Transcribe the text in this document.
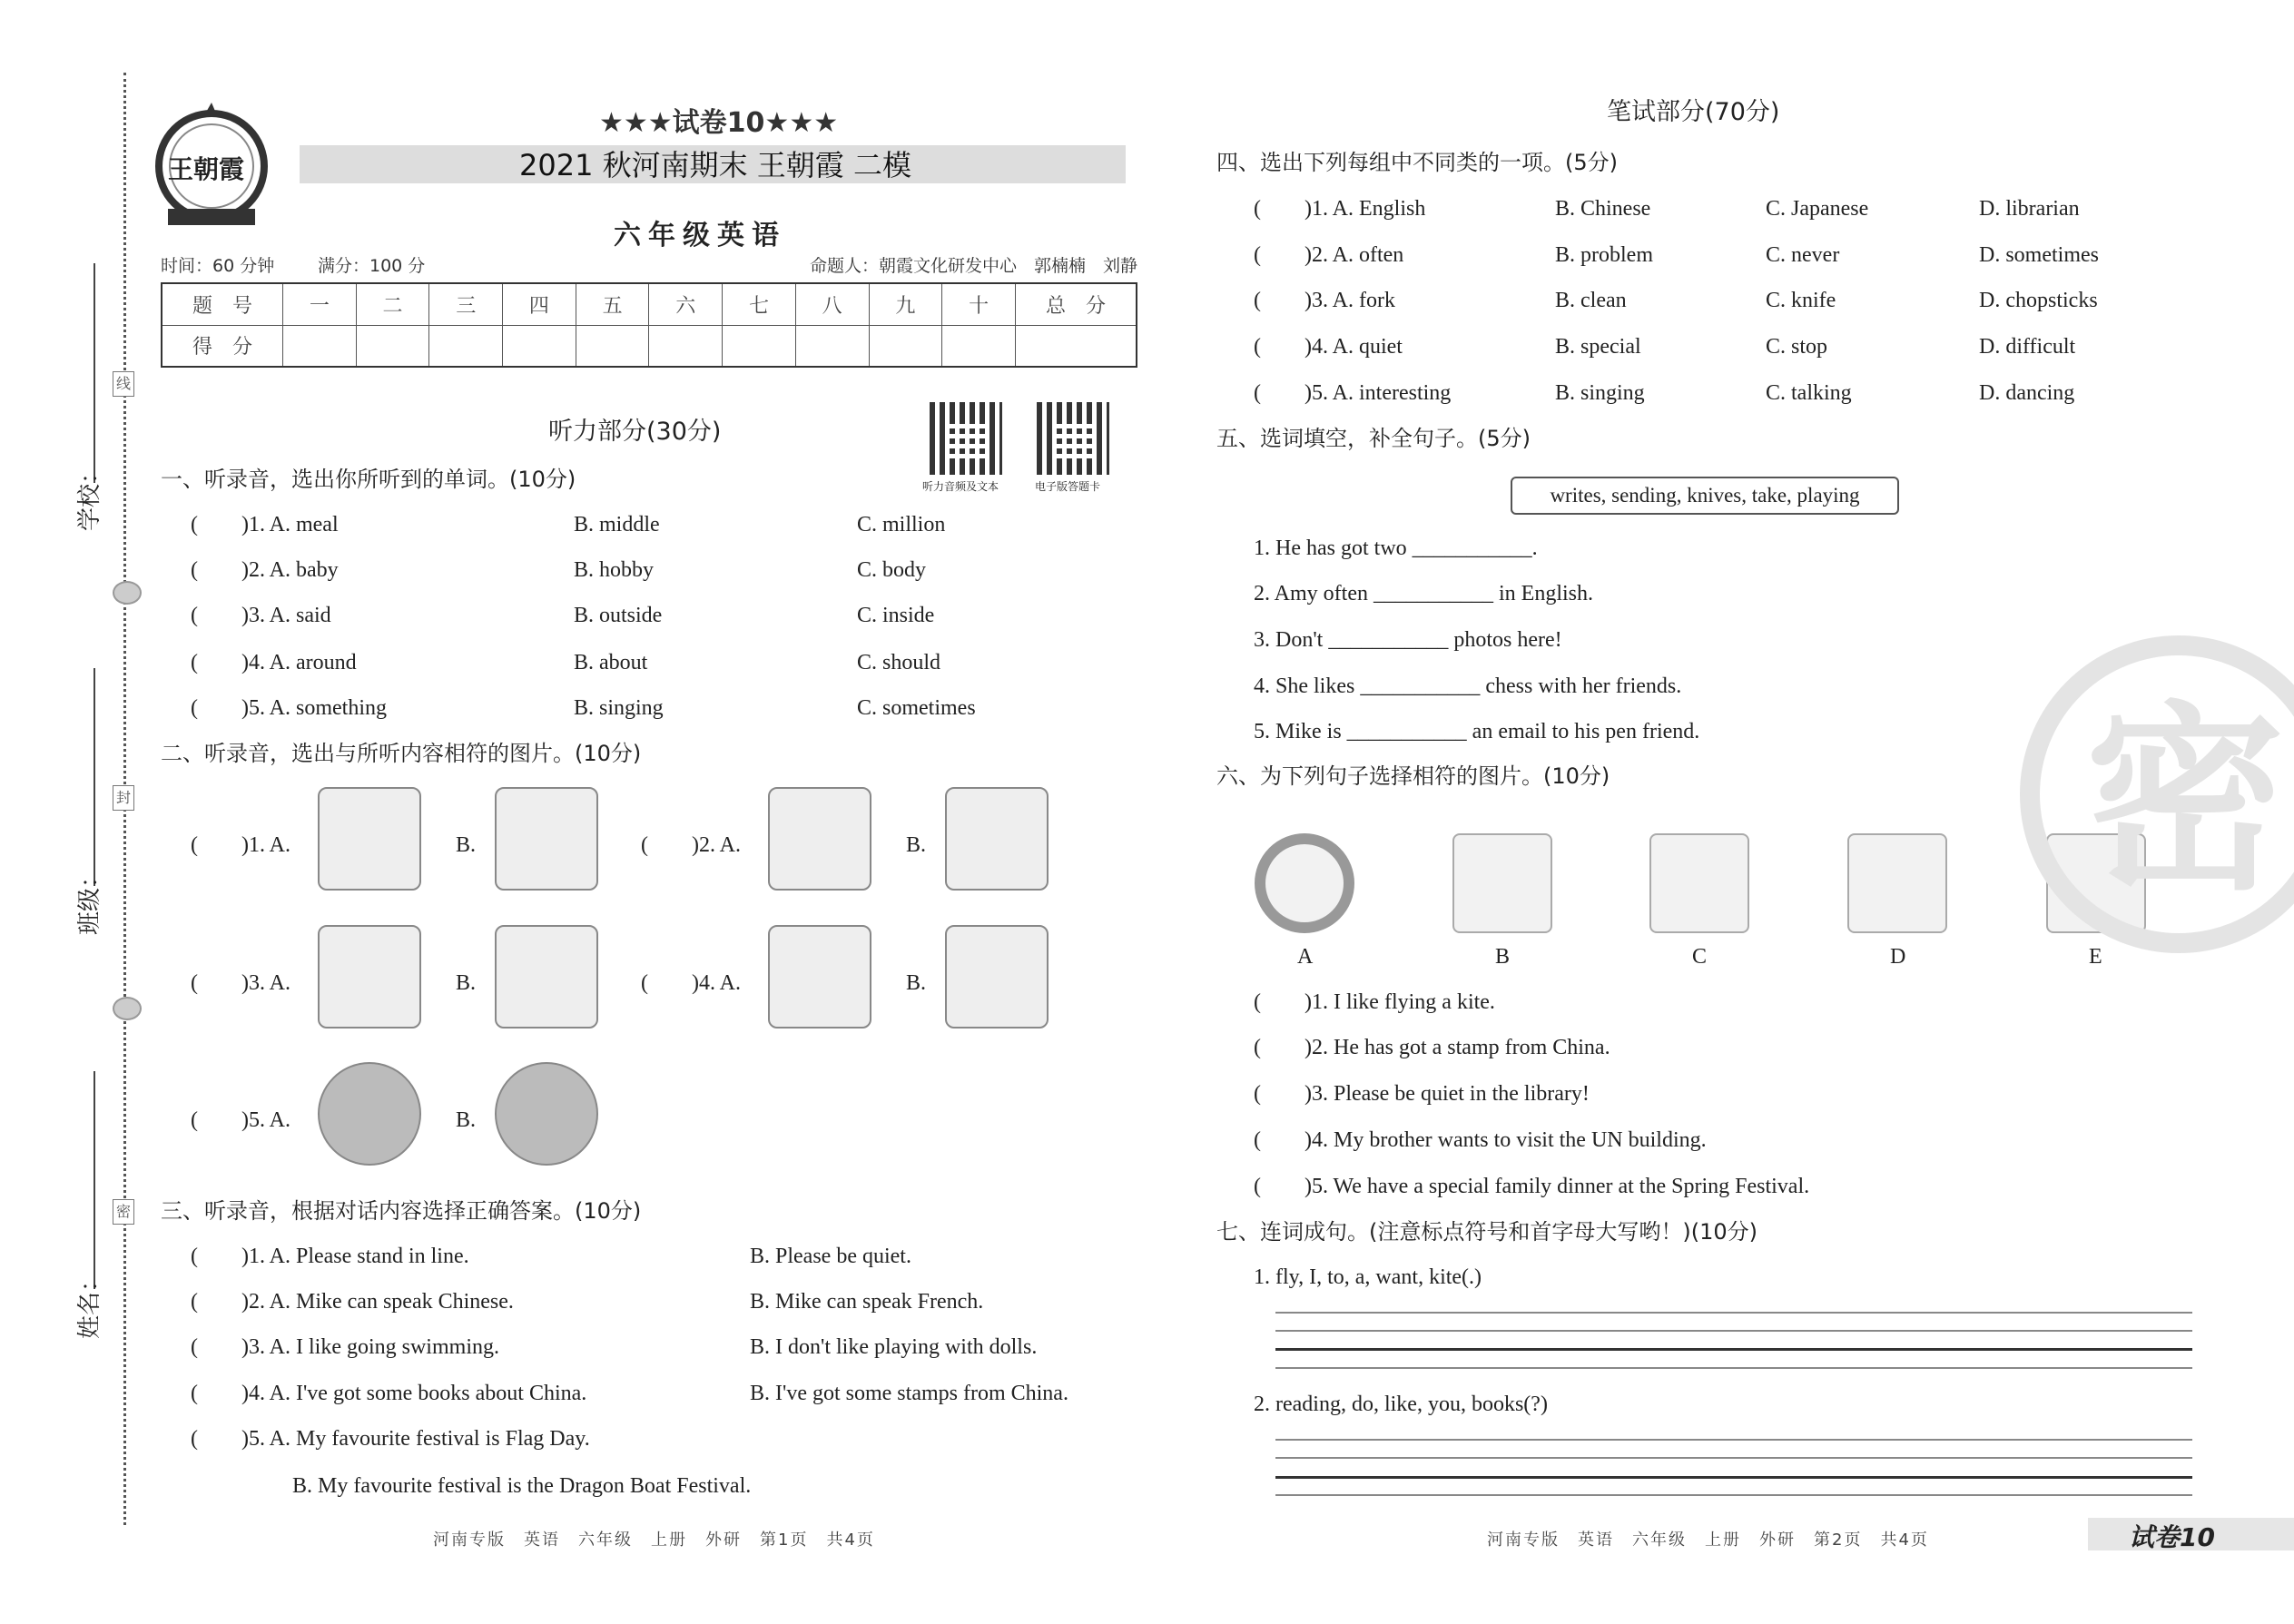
线
封
密
学校：
班级：
姓名：
王朝霞
★★★试卷10★★★
2021 秋河南期末 王朝霞 二模
六年级英语
时间：60 分钟	满分：100 分	命题人：朝霞文化研发中心　郭楠楠　刘静
题　号	一	二	三	四	五	六	七	八	九	十	总　分
得　分											
听力音频及文本	电子版答题卡
听力部分(30分)
一、听录音，选出你所听到的单词。(10分)
(　　)1. A. meal	B. middle	C. million
(　　)2. A. baby	B. hobby	C. body
(　　)3. A. said	B. outside	C. inside
(　　)4. A. around	B. about	C. should
(　　)5. A. something	B. singing	C. sometimes
二、听录音，选出与所听内容相符的图片。(10分)
(　　)1. A.	B.	(　　)2. A.	B.
(　　)3. A.	B.	(　　)4. A.	B.
(　　)5. A.	B.
三、听录音，根据对话内容选择正确答案。(10分)
(　　)1. A. Please stand in line.	B. Please be quiet.
(　　)2. A. Mike can speak Chinese.	B. Mike can speak French.
(　　)3. A. I like going swimming.	B. I don't like playing with dolls.
(　　)4. A. I've got some books about China.	B. I've got some stamps from China.
(　　)5. A. My favourite festival is Flag Day.
B. My favourite festival is the Dragon Boat Festival.
笔试部分(70分)
四、选出下列每组中不同类的一项。(5分)
(　　)1. A. English	B. Chinese	C. Japanese	D. librarian
(　　)2. A. often	B. problem	C. never	D. sometimes
(　　)3. A. fork	B. clean	C. knife	D. chopsticks
(　　)4. A. quiet	B. special	C. stop	D. difficult
(　　)5. A. interesting	B. singing	C. talking	D. dancing
五、选词填空，补全句子。(5分)
writes, sending, knives, take, playing
1. He has got two ___________.
2. Amy often ___________ in English.
3. Don't ___________ photos here!
4. She likes ___________ chess with her friends.
5. Mike is ___________ an email to his pen friend.
六、为下列句子选择相符的图片。(10分)
A	B	C	D	E
(　　)1. I like flying a kite.
(　　)2. He has got a stamp from China.
(　　)3. Please be quiet in the library!
(　　)4. My brother wants to visit the UN building.
(　　)5. We have a special family dinner at the Spring Festival.
七、连词成句。(注意标点符号和首字母大写哟！)(10分)
1. fly, I, to, a, want, kite(.)
2. reading, do, like, you, books(?)
密
河南专版　英语　六年级　上册　外研　第1页　共4页	河南专版　英语　六年级　上册　外研　第2页　共4页	试卷10
